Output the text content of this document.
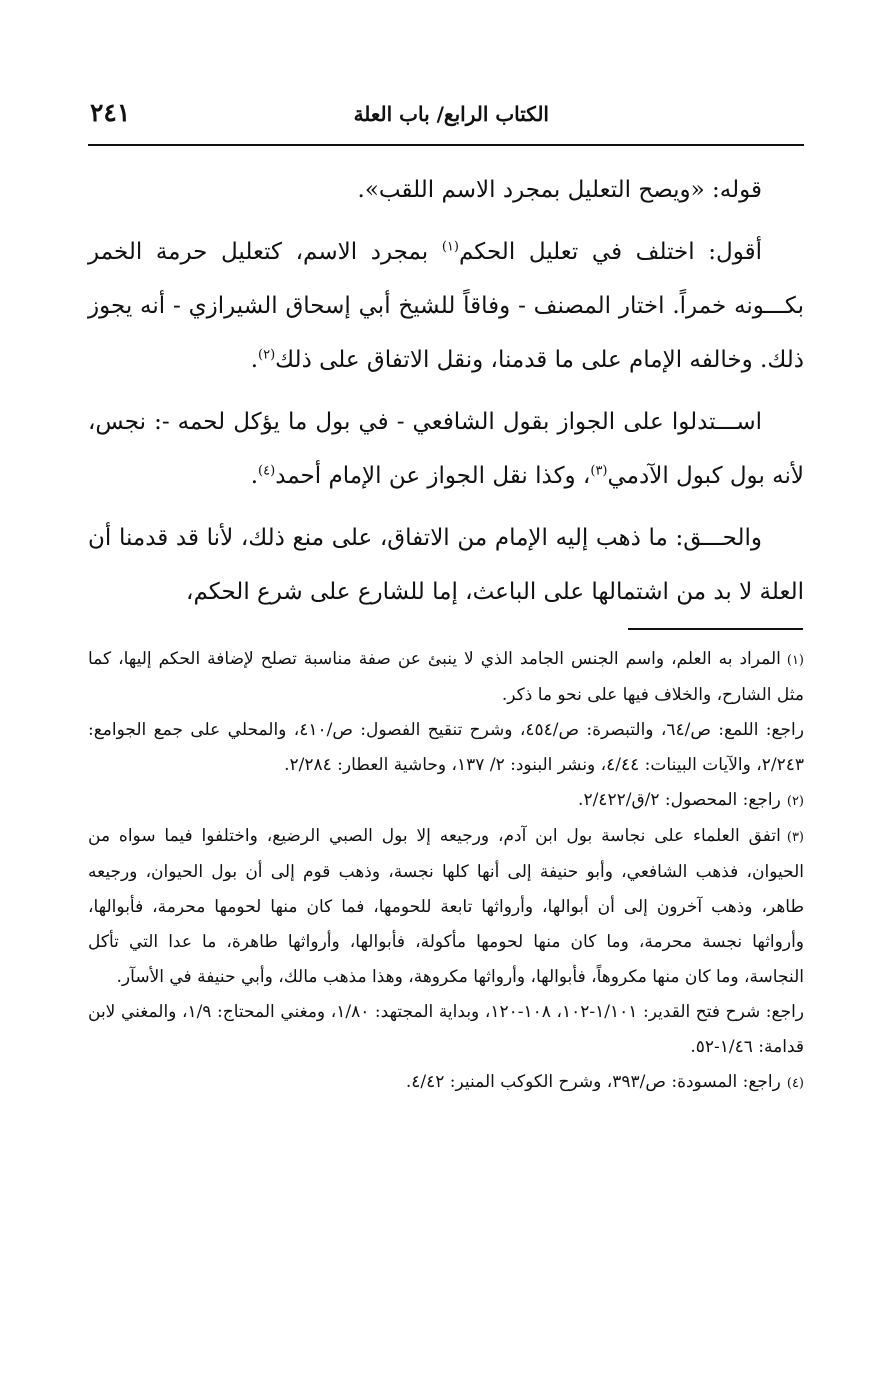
الكتاب الرابع/ باب العلة
٢٤١

قوله: «ويصح التعليل بمجرد الاسم اللقب».

أقول: اختلف في تعليل الحكم$^{(١)}$ بمجرد الاسم، كتعليل حرمة الخمر بكـــونه خمراً. اختار المصنف - وفاقاً للشيخ أبي إسحاق الشيرازي - أنه يجوز ذلك. وخالفه الإمام على ما قدمنا، ونقل الاتفاق على ذلك$^{(٢)}$.

اســـتدلوا على الجواز بقول الشافعي - في بول ما يؤكل لحمه -: نجس، لأنه بول كبول الآدمي$^{(٣)}$، وكذا نقل الجواز عن الإمام أحمد$^{(٤)}$.

والحـــق: ما ذهب إليه الإمام من الاتفاق، على منع ذلك، لأنا قد قدمنا أن العلة لا بد من اشتمالها على الباعث، إما للشارع على شرع الحكم،

(١)المراد به العلم، واسم الجنس الجامد الذي لا ينبئ عن صفة مناسبة تصلح لإضافة الحكم إليها، كما مثل الشارح، والخلاف فيها على نحو ما ذكر.

راجع: اللمع: ص/٦٤، والتبصرة: ص/٤٥٤، وشرح تنقيح الفصول: ص/٤١٠، والمحلي على جمع الجوامع: ٢/٢٤٣، والآيات البينات: ٤/٤٤، ونشر البنود: ٢/ ١٣٧، وحاشية العطار: ٢/٢٨٤.

(٢)راجع: المحصول: ٢/ق/٢/٤٢٢.

(٣)اتفق العلماء على نجاسة بول ابن آدم، ورجيعه إلا بول الصبي الرضيع، واختلفوا فيما سواه من الحيوان، فذهب الشافعي، وأبو حنيفة إلى أنها كلها نجسة، وذهب قوم إلى أن بول الحيوان، ورجيعه طاهر، وذهب آخرون إلى أن أبوالها، وأرواثها تابعة للحومها، فما كان منها لحومها محرمة، فأبوالها، وأرواثها نجسة محرمة، وما كان منها لحومها مأكولة، فأبوالها، وأرواثها طاهرة، ما عدا التي تأكل النجاسة، وما كان منها مكروهاً، فأبوالها، وأرواثها مكروهة، وهذا مذهب مالك، وأبي حنيفة في الأسآر.

راجع: شرح فتح القدير: ١/١٠١-١٠٢، ١٠٨-١٢٠، وبداية المجتهد: ١/٨٠، ومغني المحتاج: ١/٩، والمغني لابن قدامة: ١/٤٦-٥٢.

(٤)راجع: المسودة: ص/٣٩٣، وشرح الكوكب المنير: ٤/٤٢.
